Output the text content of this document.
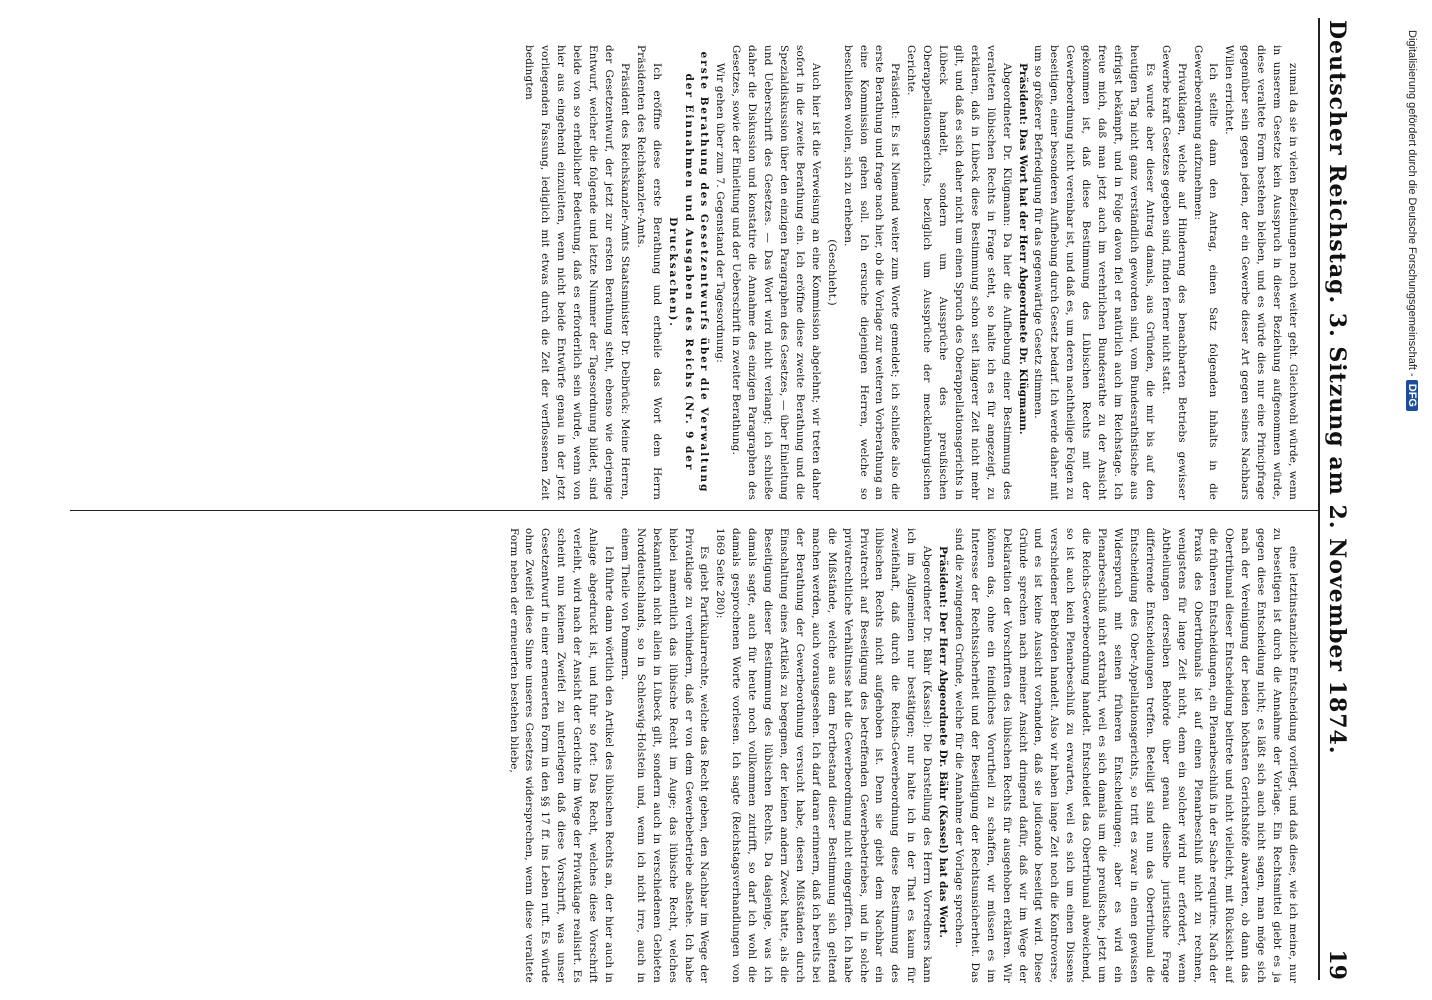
Deutscher Reichstag. 3. Sitzung am 2. November 1874.
19

zumal da sie in vielen Beziehungen noch weiter geht. Gleichwohl würde, wenn in unserem Gesetze kein Ausspruch in dieser Beziehung aufgenommen würde, diese veraltete Form bestehen bleiben, und es würde dies nur eine Principfrage gegenüber sein gegen jeden, der ein Gewerbe dieser Art gegen seines Nachbars Willen errichtet.

Ich stellte dann den Antrag, einen Satz folgenden Inhalts in die Gewerbeordnung aufzunehmen:

Privatklagen, welche auf Hinderung des benachbarten Betriebs gewisser Gewerbe kraft Gesetzes gegeben sind, finden ferner nicht statt.

Es wurde aber dieser Antrag damals, aus Gründen, die mir bis auf den heutigen Tag nicht ganz verständlich geworden sind, vom Bundesrathstische aus eifrigst bekämpft, und in Folge davon fiel er natürlich auch im Reichstage. Ich freue mich, daß man jetzt auch im verehrlichen Bundesrathe zu der Ansicht gekommen ist, daß diese Bestimmung des Lübischen Rechts mit der Gewerbeordnung nicht vereinbar ist, und daß es, um deren nachtheilige Folgen zu beseitigen, einer besonderen Aufhebung durch Gesetz bedarf. Ich werde daher mit um so größerer Befriedigung für das gegenwärtige Gesetz stimmen.

Präsident: Das Wort hat der Herr Abgeordnete Dr. Klügmann.

Abgeordneter Dr. Klügmann: Da hier die Aufhebung einer Bestimmung des veralteten lübischen Rechts in Frage steht, so halte ich es für angezeigt, zu erklären, daß in Lübeck diese Bestimmung schon seit längerer Zeit nicht mehr gilt, und daß es sich daher nicht um einen Spruch des Oberappellationsgerichts in Lübeck handelt, sondern um Aussprüche des preußischen Oberappellationsgerichts, bezüglich um Aussprüche der mecklenburgischen Gerichte.

Präsident: Es ist Niemand weiter zum Worte gemeldet; ich schließe also die erste Berathung und frage nach hier, ob die Vorlage zur weiteren Vorberathung an eine Kommission gehen soll. Ich ersuche diejenigen Herren, welche so beschließen wollen, sich zu erheben.

(Geschieht.)

Auch hier ist die Verweisung an eine Kommission abgelehnt; wir treten daher sofort in die zweite Berathung ein. Ich eröffne diese zweite Berathung und die Spezialdiskussion über den einzigen Paragraphen des Gesetzes, — über Einleitung und Ueberschrift des Gesetzes. — Das Wort wird nicht verlangt; ich schließe daher die Diskussion und konstatire die Annahme des einzigen Paragraphen des Gesetzes, sowie der Einleitung und der Ueberschrift in zweiter Berathung.

Wir gehen über zum 7. Gegenstand der Tagesordnung:

erste Berathung des Gesetzentwurfs über die Verwaltung der Einnahmen und Ausgaben des Reichs (Nr. 9 der Drucksachen).

Ich eröffne diese erste Berathung und ertheile das Wort dem Herrn Präsidenten des Reichskanzler-Amts.

Präsident des Reichskanzler-Amts Staatsminister Dr. Delbrück: Meine Herren, der Gesetzentwurf, der jetzt zur ersten Berathung steht, ebenso wie derjenige Entwurf, welcher die folgende und letzte Nummer der Tagesordnung bildet, sind beide von so erheblicher Bedeutung, daß es erforderlich sein würde, wenn von hier aus eingehend einzuleiten, wenn nicht beide Entwürfe genau in der jetzt vorliegenden Fassung, lediglich mit etwas durch die Zeit der verflossenen Zeit bedingten

eine letztinstanzliche Entscheidung vorliegt, und daß diese, wie ich meine, nur zu beseitigen ist durch die Annahme der Vorlage. Ein Rechtsmittel giebt es ja gegen diese Entscheidung nicht; es läßt sich auch nicht sagen, man möge sich nach der Vereinigung der beiden höchsten Gerichtshöfe abwarten, ob dann das Obertribunal dieser Entscheidung beitrete und nicht vielleicht, mit Rücksicht auf die früheren Entscheidungen, ein Plenarbeschluß in der Sache requirire. Nach der Praxis des Obertribunals ist auf einen Plenarbeschluß nicht zu rechnen, wenigstens für lange Zeit nicht, denn ein solcher wird nur erfordert, wenn Abtheilungen derselben Behörde über genau dieselbe juristische Frage differirende Entscheidungen treffen. Beteiligt sind nun das Obertribunal die Entscheidung des Ober-Appellationsgerichts, so tritt es zwar in einen gewissen Widerspruch mit seinen früheren Entscheidungen; aber es wird ein Plenarbeschluß nicht extrahirt, weil es sich damals um die preußische, jetzt um die Reichs-Gewerbeordnung handelt. Entscheidet das Obertribunal abweichend, so ist auch kein Plenarbeschluß zu erwarten, weil es sich um einen Dissens verschiedener Behörden handelt. Also wir haben lange Zeit noch die Kontroverse, und es ist keine Aussicht vorhanden, daß sie judicando beseitigt wird. Diese Gründe sprechen nach meiner Ansicht dringend dafür, daß wir im Wege der Deklaration der Vorschriften des lübischen Rechts für ausgehoben erklären. Wir können das, ohne ein feindliches Vorurtheil zu schaffen, wir müssen es im Interesse der Rechtssicherheit und der Beseitigung der Rechtsunsicherheit. Das sind die zwingenden Gründe, welche für die Annahme der Vorlage sprechen.

Präsident: Der Herr Abgeordnete Dr. Bähr (Kassel) hat das Wort.

Abgeordneter Dr. Bähr (Kassel): Die Darstellung des Herrn Vorredners kann ich im Allgemeinen nur bestätigen; nur halte ich in der That es kaum für zweifelhaft, daß durch die Reichs-Gewerbeordnung diese Bestimmung des lübischen Rechts nicht aufgehoben ist. Denn sie giebt dem Nachbar ein Privatrecht auf Beseitigung des betreffenden Gewerbebetriebes, und in solche privatrechtliche Verhältnisse hat die Gewerbeordnung nicht eingegriffen. Ich habe die Mißstände, welche aus dem Fortbestand dieser Bestimmung sich geltend machen werden, auch vorausgesehen. Ich darf daran erinnern, daß ich bereits bei der Berathung der Gewerbeordnung versucht habe, diesen Mißständen durch Einschaltung eines Artikels zu begegnen, der keinen andern Zweck hatte, als die Beseitigung dieser Bestimmung des lübischen Rechts. Da dasjenige, was ich damals sagte, auch für heute noch vollkommen zutrifft, so darf ich wohl die damals gesprochenen Worte vorlesen. Ich sagte (Reichstagsverhandlungen von 1869 Seite 280):

Es giebt Partikularrechte, welche das Recht geben, den Nachbar im Wege der Privatklage zu verhindern, daß er von dem Gewerbebetriebe abstehe. Ich habe hiebei namentlich das lübische Recht im Auge; das lübische Recht, welches bekanntlich nicht allein in Lübeck gilt, sondern auch in verschiedenen Gebieten Norddeutschlands, so in Schleswig-Holstein und, wenn ich nicht irre, auch in einem Theile von Pommern.

Ich führte dann wörtlich den Artikel des lübischen Rechts an, der hier auch in Anlage abgedruckt ist, und fuhr so fort: Das Recht, welches diese Vorschrift verleiht, wird nach der Ansicht der Gerichte im Wege der Privatklage realisirt. Es scheint nun keinem Zweifel zu unterliegen daß diese Vorschrift, was unser Gesetzentwurf in einer erneuerten Form in den §§ 17 ff. ins Leben ruft. Es würde ohne Zweifel diese Sinne unseres Gesetzes widersprechen, wenn diese veraltete Form neben der erneuerten bestehen bliebe,

Digitalisierung gefördert durch die Deutsche Forschungsgemeinschaft - DFG
